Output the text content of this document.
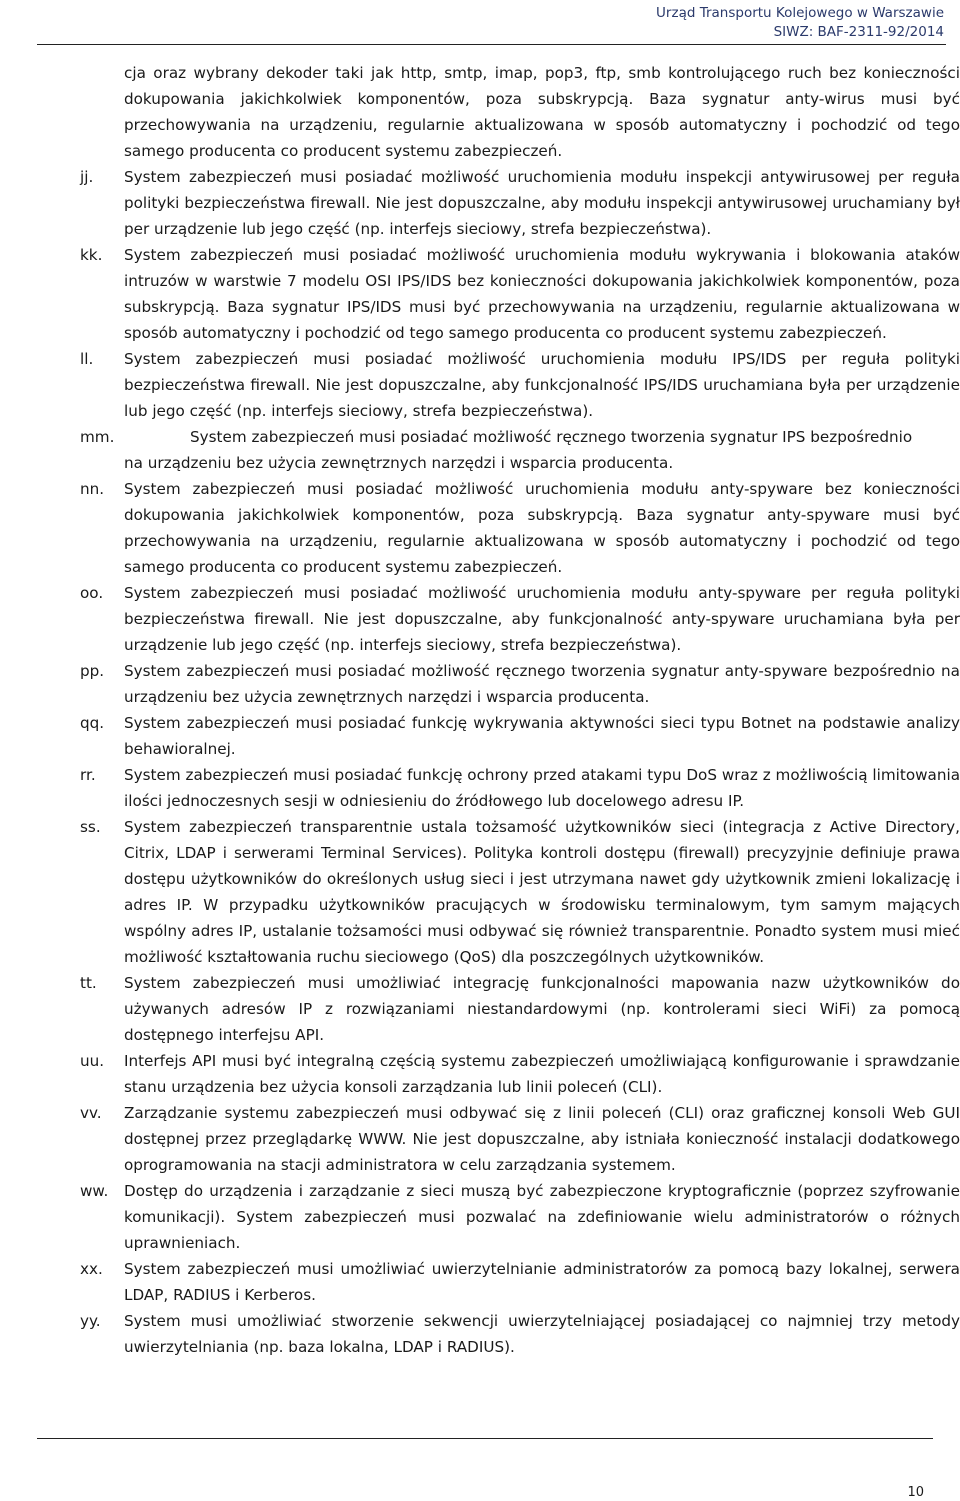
Urząd Transportu Kolejowego w Warszawie
SIWZ: BAF-2311-92/2014

cja oraz wybrany dekoder taki jak http, smtp, imap, pop3, ftp, smb kontrolującego ruch bez konieczności dokupowania jakichkolwiek komponentów, poza subskrypcją. Baza sygnatur anty-wirus musi być przechowywania na urządzeniu, regularnie aktualizowana w sposób automatyczny i pochodzić od tego samego producenta co producent systemu zabezpieczeń.

jj.	System zabezpieczeń musi posiadać możliwość uruchomienia modułu inspekcji antywirusowej per reguła polityki bezpieczeństwa firewall. Nie jest dopuszczalne, aby modułu inspekcji antywirusowej uruchamiany był per urządzenie lub jego część (np. interfejs sieciowy, strefa bezpieczeństwa).
kk.	System zabezpieczeń musi posiadać możliwość uruchomienia modułu wykrywania i blokowania ataków intruzów w warstwie 7 modelu OSI IPS/IDS bez konieczności dokupowania jakichkolwiek komponentów, poza subskrypcją. Baza sygnatur IPS/IDS musi być przechowywania na urządzeniu, regularnie aktualizowana w sposób automatyczny i pochodzić od tego samego producenta co producent systemu zabezpieczeń.
ll.	System zabezpieczeń musi posiadać możliwość uruchomienia modułu IPS/IDS per reguła polityki bezpieczeństwa firewall. Nie jest dopuszczalne, aby funkcjonalność IPS/IDS uruchamiana była per urządzenie lub jego część (np. interfejs sieciowy, strefa bezpieczeństwa).
mm.	System zabezpieczeń musi posiadać możliwość ręcznego tworzenia sygnatur IPS bezpośrednio
na urządzeniu bez użycia zewnętrznych narzędzi i wsparcia producenta.
nn.	System zabezpieczeń musi posiadać możliwość uruchomienia modułu anty-spyware bez konieczności dokupowania jakichkolwiek komponentów, poza subskrypcją. Baza sygnatur anty-spyware musi być przechowywania na urządzeniu, regularnie aktualizowana w sposób automatyczny i pochodzić od tego samego producenta co producent systemu zabezpieczeń.
oo.	System zabezpieczeń musi posiadać możliwość uruchomienia modułu anty-spyware per reguła polityki bezpieczeństwa firewall. Nie jest dopuszczalne, aby funkcjonalność anty-spyware uruchamiana była per urządzenie lub jego część (np. interfejs sieciowy, strefa bezpieczeństwa).
pp.	System zabezpieczeń musi posiadać możliwość ręcznego tworzenia sygnatur anty-spyware bezpośrednio na urządzeniu bez użycia zewnętrznych narzędzi i wsparcia producenta.
qq.	System zabezpieczeń musi posiadać funkcję wykrywania aktywności sieci typu Botnet na podstawie analizy behawioralnej.
rr.	System zabezpieczeń musi posiadać funkcję ochrony przed atakami typu DoS wraz z możliwością limitowania ilości jednoczesnych sesji w odniesieniu do źródłowego lub docelowego adresu IP.
ss.	System zabezpieczeń transparentnie ustala tożsamość użytkowników sieci (integracja z Active Directory, Citrix, LDAP i serwerami Terminal Services). Polityka kontroli dostępu (firewall) precyzyjnie definiuje prawa dostępu użytkowników do określonych usług sieci i jest utrzymana nawet gdy użytkownik zmieni lokalizację i adres IP. W przypadku użytkowników pracujących w środowisku terminalowym, tym samym mających wspólny adres IP, ustalanie tożsamości musi odbywać się również transparentnie. Ponadto system musi mieć możliwość kształtowania ruchu sieciowego (QoS) dla poszczególnych użytkowników.
tt.	System zabezpieczeń musi umożliwiać integrację funkcjonalności mapowania nazw użytkowników do używanych adresów IP z rozwiązaniami niestandardowymi (np. kontrolerami sieci WiFi) za pomocą dostępnego interfejsu API.
uu.	Interfejs API musi być integralną częścią systemu zabezpieczeń umożliwiającą konfigurowanie i sprawdzanie stanu urządzenia bez użycia konsoli zarządzania lub linii poleceń (CLI).
vv.	Zarządzanie systemu zabezpieczeń musi odbywać się z linii poleceń (CLI) oraz graficznej konsoli Web GUI dostępnej przez przeglądarkę WWW. Nie jest dopuszczalne, aby istniała konieczność instalacji dodatkowego oprogramowania na stacji administratora w celu zarządzania systemem.
ww.	Dostęp do urządzenia i zarządzanie z sieci muszą być zabezpieczone kryptograficznie (poprzez szyfrowanie komunikacji). System zabezpieczeń musi pozwalać na zdefiniowanie wielu administratorów o różnych uprawnieniach.
xx.	System zabezpieczeń musi umożliwiać uwierzytelnianie administratorów za pomocą bazy lokalnej, serwera LDAP, RADIUS i Kerberos.
yy.	System musi umożliwiać stworzenie sekwencji uwierzytelniającej posiadającej co najmniej trzy metody uwierzytelniania (np. baza lokalna, LDAP i RADIUS).
10
